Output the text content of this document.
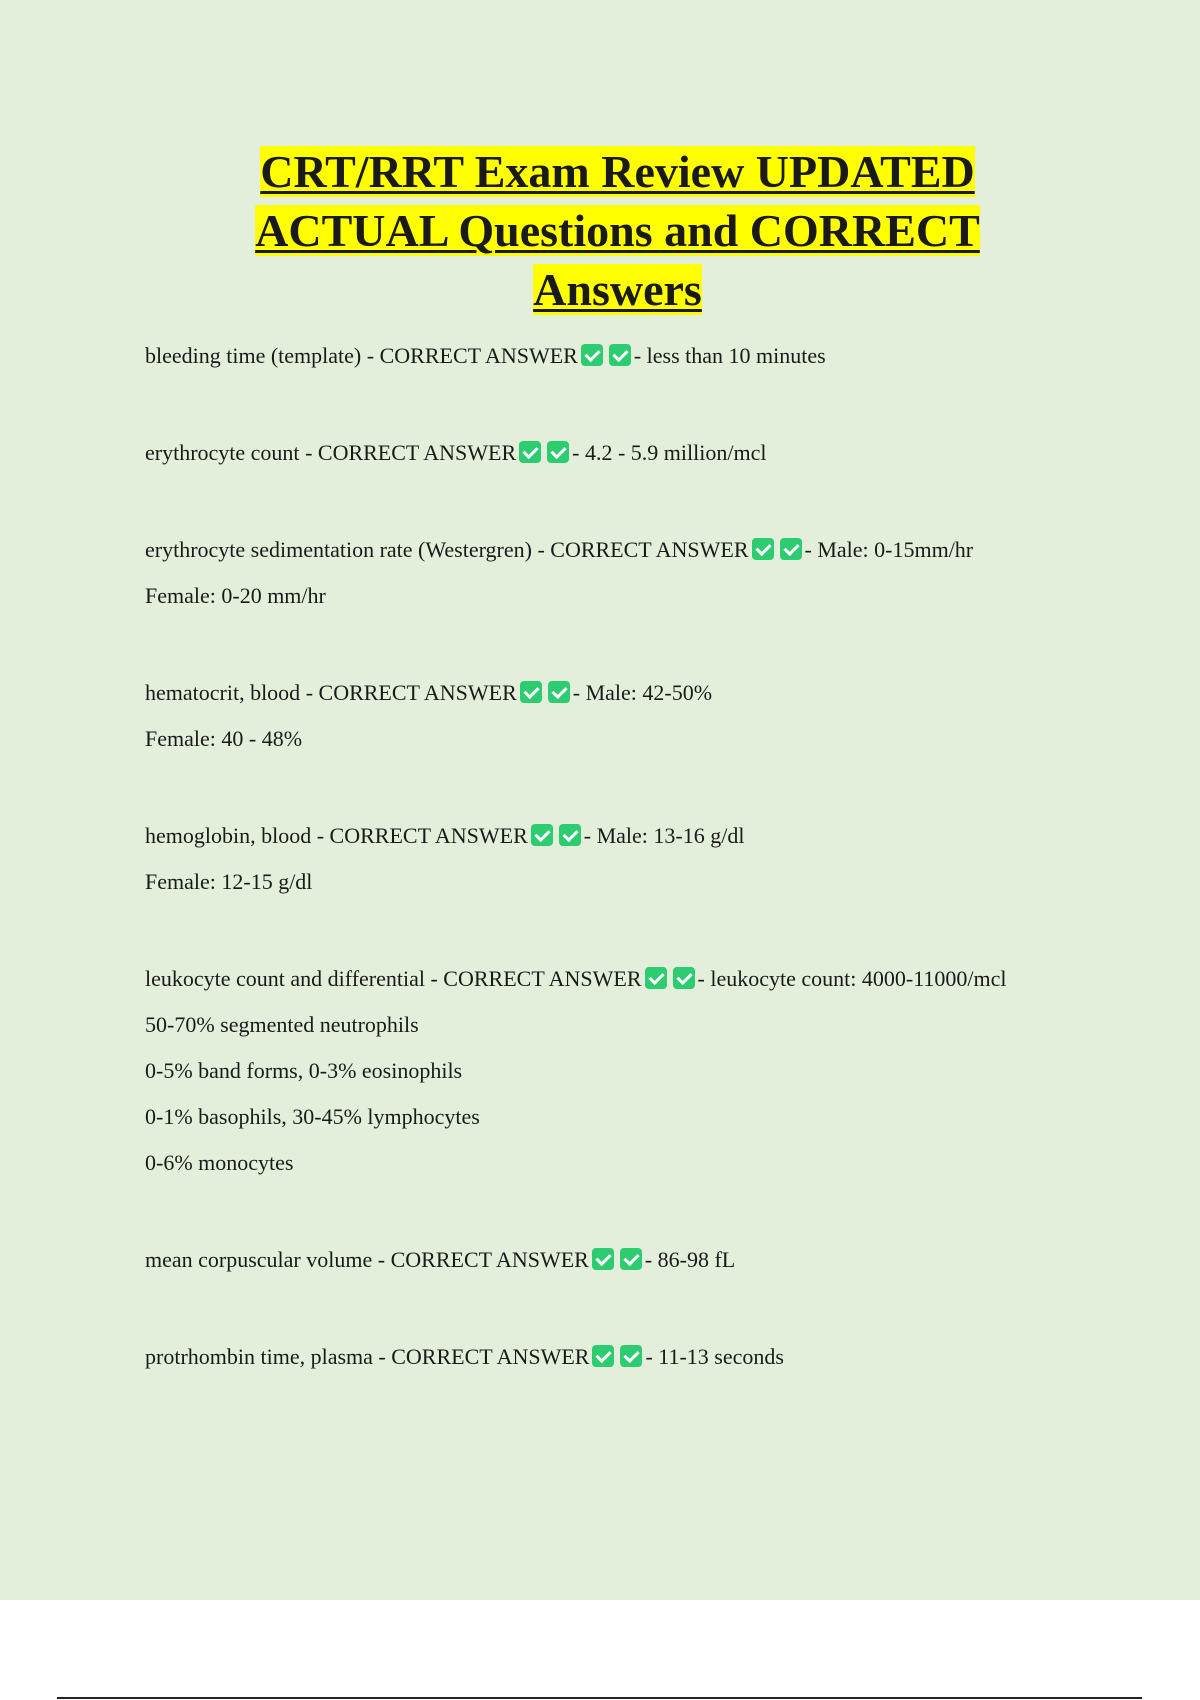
CRT/RRT Exam Review UPDATED
ACTUAL Questions and CORRECT
Answers

bleeding time (template) - CORRECT ANSWER	- less than 10 minutes

erythrocyte count - CORRECT ANSWER	- 4.2 - 5.9 million/mcl

erythrocyte sedimentation rate (Westergren) - CORRECT ANSWER	- Male: 0-15mm/hr

Female: 0-20 mm/hr

hematocrit, blood - CORRECT ANSWER	- Male: 42-50%

Female: 40 - 48%

hemoglobin, blood - CORRECT ANSWER	- Male: 13-16 g/dl

Female: 12-15 g/dl

leukocyte count and differential - CORRECT ANSWER	- leukocyte count: 4000-11000/mcl

50-70% segmented neutrophils

0-5% band forms, 0-3% eosinophils

0-1% basophils, 30-45% lymphocytes

0-6% monocytes

mean corpuscular volume - CORRECT ANSWER	- 86-98 fL

protrhombin time, plasma - CORRECT ANSWER	- 11-13 seconds
